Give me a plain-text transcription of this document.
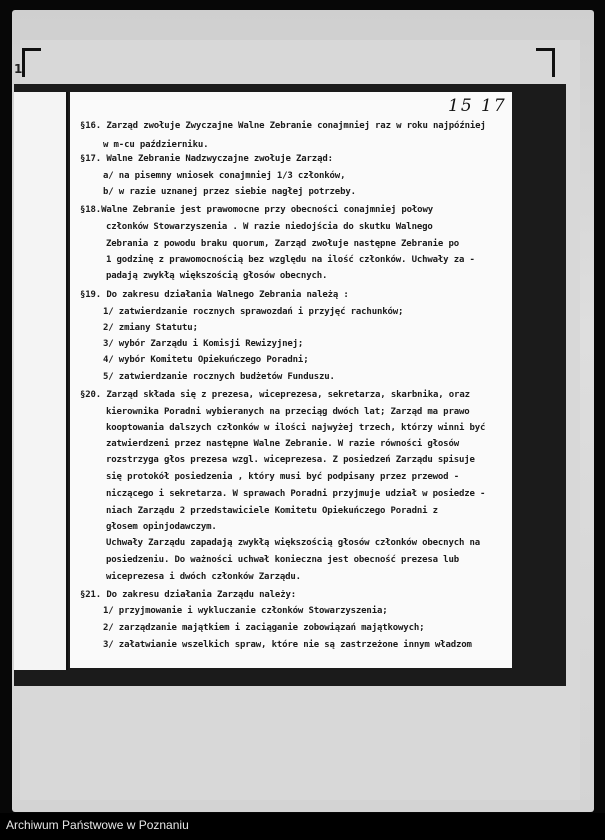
1
15 17
§16. Zarząd zwołuje Zwyczajne Walne Zebranie conajmniej raz w roku najpóźniej
w m-cu październiku.
§17. Walne Zebranie Nadzwyczajne zwołuje Zarząd:
a/ na pisemny wniosek conajmniej 1/3 członków,
b/ w razie uznanej przez siebie nagłej potrzeby.
§18.Walne Zebranie jest prawomocne przy obecności conajmniej połowy
członków Stowarzyszenia . W razie niedojścia do skutku Walnego
Zebrania z powodu braku quorum, Zarząd zwołuje następne Zebranie po
1 godzinę z prawomocnością bez względu na ilość członków. Uchwały za -
padają zwykłą większością głosów obecnych.
§19. Do zakresu działania Walnego Zebrania należą :
1/ zatwierdzanie rocznych sprawozdań i przyjęć rachunków;
2/ zmiany Statutu;
3/ wybór Zarządu i Komisji Rewizyjnej;
4/ wybór Komitetu Opiekuńczego Poradni;
5/ zatwierdzanie rocznych budżetów Funduszu.
§20. Zarząd składa się z prezesa, wiceprezesa, sekretarza, skarbnika, oraz
kierownika Poradni wybieranych na przeciąg dwóch lat; Zarząd ma prawo
kooptowania dalszych członków w ilości najwyżej trzech, którzy winni być
zatwierdzeni przez następne Walne Zebranie. W razie równości głosów
rozstrzyga głos prezesa wzgl. wiceprezesa. Z posiedzeń Zarządu spisuje
się protokół posiedzenia , który musi być podpisany przez przewod -
niczącego i sekretarza. W sprawach Poradni przyjmuje udział w posiedze -
niach Zarządu 2 przedstawiciele Komitetu Opiekuńczego Poradni z
głosem opinjodawczym.
Uchwały Zarządu zapadają zwykłą większością głosów członków obecnych na
posiedzeniu. Do ważności uchwał konieczna jest obecność prezesa lub
wiceprezesa i dwóch członków Zarządu.
§21. Do zakresu działania Zarządu należy:
1/ przyjmowanie i wykluczanie członków Stowarzyszenia;
2/ zarządzanie majątkiem i zaciąganie zobowiązań majątkowych;
3/ załatwianie wszelkich spraw, które nie są zastrzeżone innym władzom
Archiwum Państwowe w Poznaniu
